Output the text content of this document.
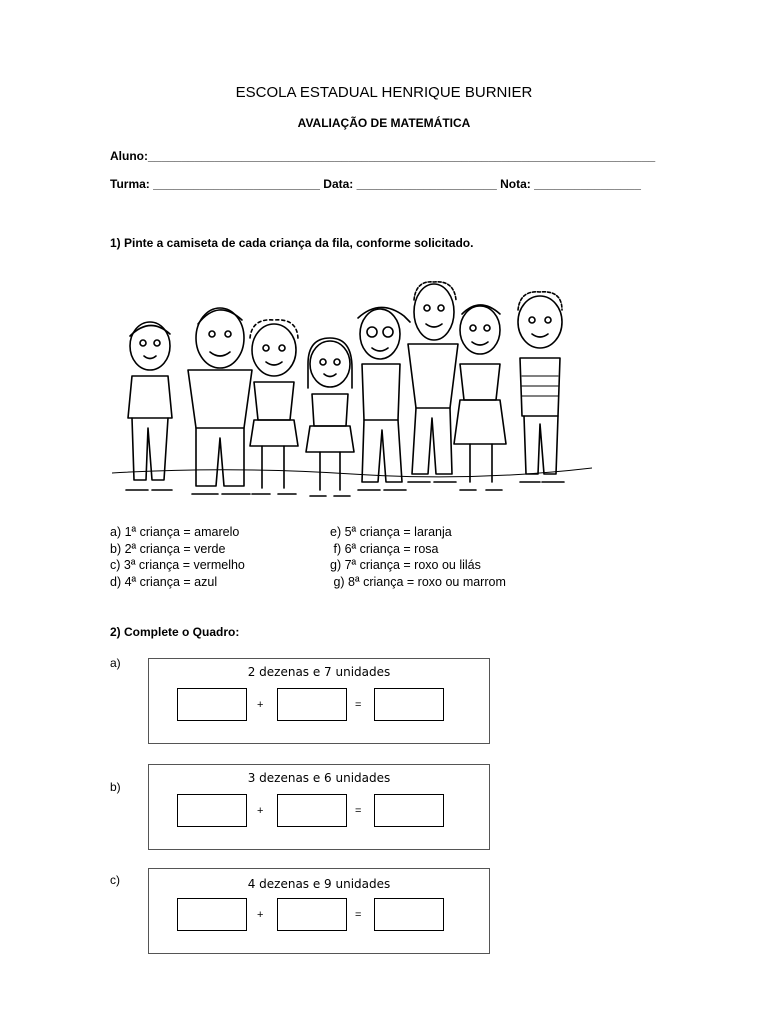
ESCOLA ESTADUAL HENRIQUE BURNIER
AVALIAÇÃO DE MATEMÁTICA
Aluno:____________________________________________________________________________
Turma: _________________________ Data: _____________________ Nota: ________________
1) Pinte a camiseta de cada criança da fila, conforme solicitado.
a) 1ª criança = amarelo	e) 5ª criança = laranja
b) 2ª criança = verde	f) 6ª criança = rosa
c) 3ª criança = vermelho	g) 7ª criança = roxo ou lilás
d) 4ª criança = azul	g) 8ª criança = roxo ou marrom
2) Complete o Quadro:
a)
2 dezenas e 7 unidades
+	=
b)
3 dezenas e 6 unidades
+	=
c)	4 dezenas e 9 unidades
+	=
